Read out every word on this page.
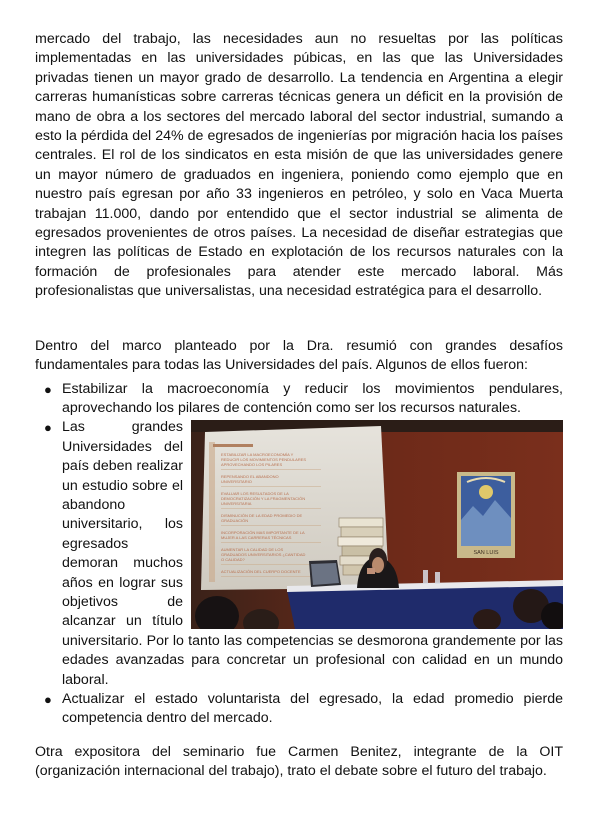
mercado del trabajo, las necesidades aun no resueltas por las políticas implementadas en las universidades púbicas, en las que las Universidades privadas tienen un mayor grado de desarrollo. La tendencia en Argentina a elegir carreras humanísticas sobre carreras técnicas genera un déficit en la provisión de mano de obra a los sectores del mercado laboral del sector industrial, sumando a esto la pérdida del 24% de egresados de ingenierías por migración hacia los países centrales. El rol de los sindicatos en esta misión de que las universidades genere un mayor número de graduados en ingeniera, poniendo como ejemplo que en nuestro país egresan por año 33 ingenieros en petróleo, y solo en Vaca Muerta trabajan 11.000, dando por entendido que el sector industrial se alimenta de egresados provenientes de otros países. La necesidad de diseñar estrategias que integren las políticas de Estado en explotación de los recursos naturales con la formación de profesionales para atender este mercado laboral. Más profesionalistas que universalistas, una necesidad estratégica para el desarrollo.

Dentro del marco planteado por la Dra. resumió con grandes desafíos fundamentales para todas las Universidades del país. Algunos de ellos fueron:

● Estabilizar la macroeconomía y reducir los movimientos pendulares, aprovechando los pilares de contención como ser los recursos naturales.
●
ESTABILIZAR LA MACROECONOMÍA Y
REDUCIR LOS MOVIMIENTOS PENDULARES
APROVECHANDO LOS PILARES
REPENSANDO EL ABANDONO
UNIVERSITARIO
EVALUAR LOS RESULTADOS DE LA
DEMOCRATIZACIÓN Y LA FRAGMENTACIÓN
UNIVERSITARIA
DISMINUCIÓN DE LA EDAD PROMEDIO DE
GRADUACIÓN
INCORPORACIÓN MAS IMPORTANTE DE LA
MUJER A LAS CARRERAS TÉCNICAS
AUMENTAR LA CALIDAD DE LOS
GRADUADOS UNIVERSITARIOS ¿CANTIDAD
O CALIDAD?
ACTUALIZACIÓN DEL CUERPO DOCENTE
SAN LUIS
Las grandes Universidades del país deben realizar un estudio sobre el abandono universitario, los egresados demoran muchos años en lograr sus objetivos de alcanzar un título universitario. Por lo tanto las competencias se desmorona grandemente por las edades avanzadas para concretar un profesional con calidad en un mundo laboral.
● Actualizar el estado voluntarista del egresado, la edad promedio pierde competencia dentro del mercado.

Otra expositora del seminario fue Carmen Benitez, integrante de la OIT (organización internacional del trabajo), trato el debate sobre el futuro del trabajo.
